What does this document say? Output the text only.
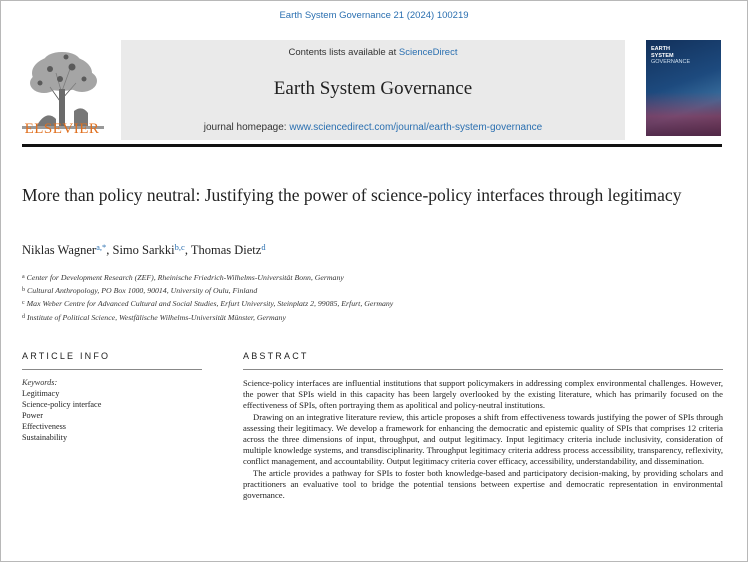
Earth System Governance 21 (2024) 100219
ELSEVIER
Contents lists available at ScienceDirect
Earth System Governance
journal homepage: www.sciencedirect.com/journal/earth-system-governance
EARTH
SYSTEM
GOVERNANCE
More than policy neutral: Justifying the power of science-policy interfaces through legitimacy
Niklas Wagner$^{a,*}$, Simo Sarkki$^{b,c}$, Thomas Dietz$^d$
$^a$ Center for Development Research (ZEF), Rheinische Friedrich-Wilhelms-Universität Bonn, Germany
$^b$ Cultural Anthropology, PO Box 1000, 90014, University of Oulu, Finland
$^c$ Max Weber Centre for Advanced Cultural and Social Studies, Erfurt University, Steinplatz 2, 99085, Erfurt, Germany
$^d$ Institute of Political Science, Westfälische Wilhelms-Universität Münster, Germany
ARTICLE INFO	ABSTRACT
Keywords:
Legitimacy
Science-policy interface
Power
Effectiveness
Sustainability

Science-policy interfaces are influential institutions that support policymakers in addressing complex environmental challenges. However, the power that SPIs wield in this capacity has been largely overlooked by the existing literature, which has primarily focused on the effectiveness of SPIs, often portraying them as apolitical and policy-neutral institutions.

Drawing on an integrative literature review, this article proposes a shift from effectiveness towards justifying the power of SPIs through assessing their legitimacy. We develop a framework for enhancing the democratic and epistemic quality of SPIs that comprises 12 criteria across the three dimensions of input, throughput, and output legitimacy. Input legitimacy criteria include inclusivity, consideration of multiple knowledge systems, and transdisciplinarity. Throughput legitimacy criteria address process accessibility, transparency, reflexivity, conflict management, and accountability. Output legitimacy criteria cover efficacy, accessibility, understandability, and dissemination.

The article provides a pathway for SPIs to foster both knowledge-based and participatory decision-making, by providing scholars and practitioners an evaluative tool to bridge the potential tensions between expertise and democratic representation in environmental governance.
